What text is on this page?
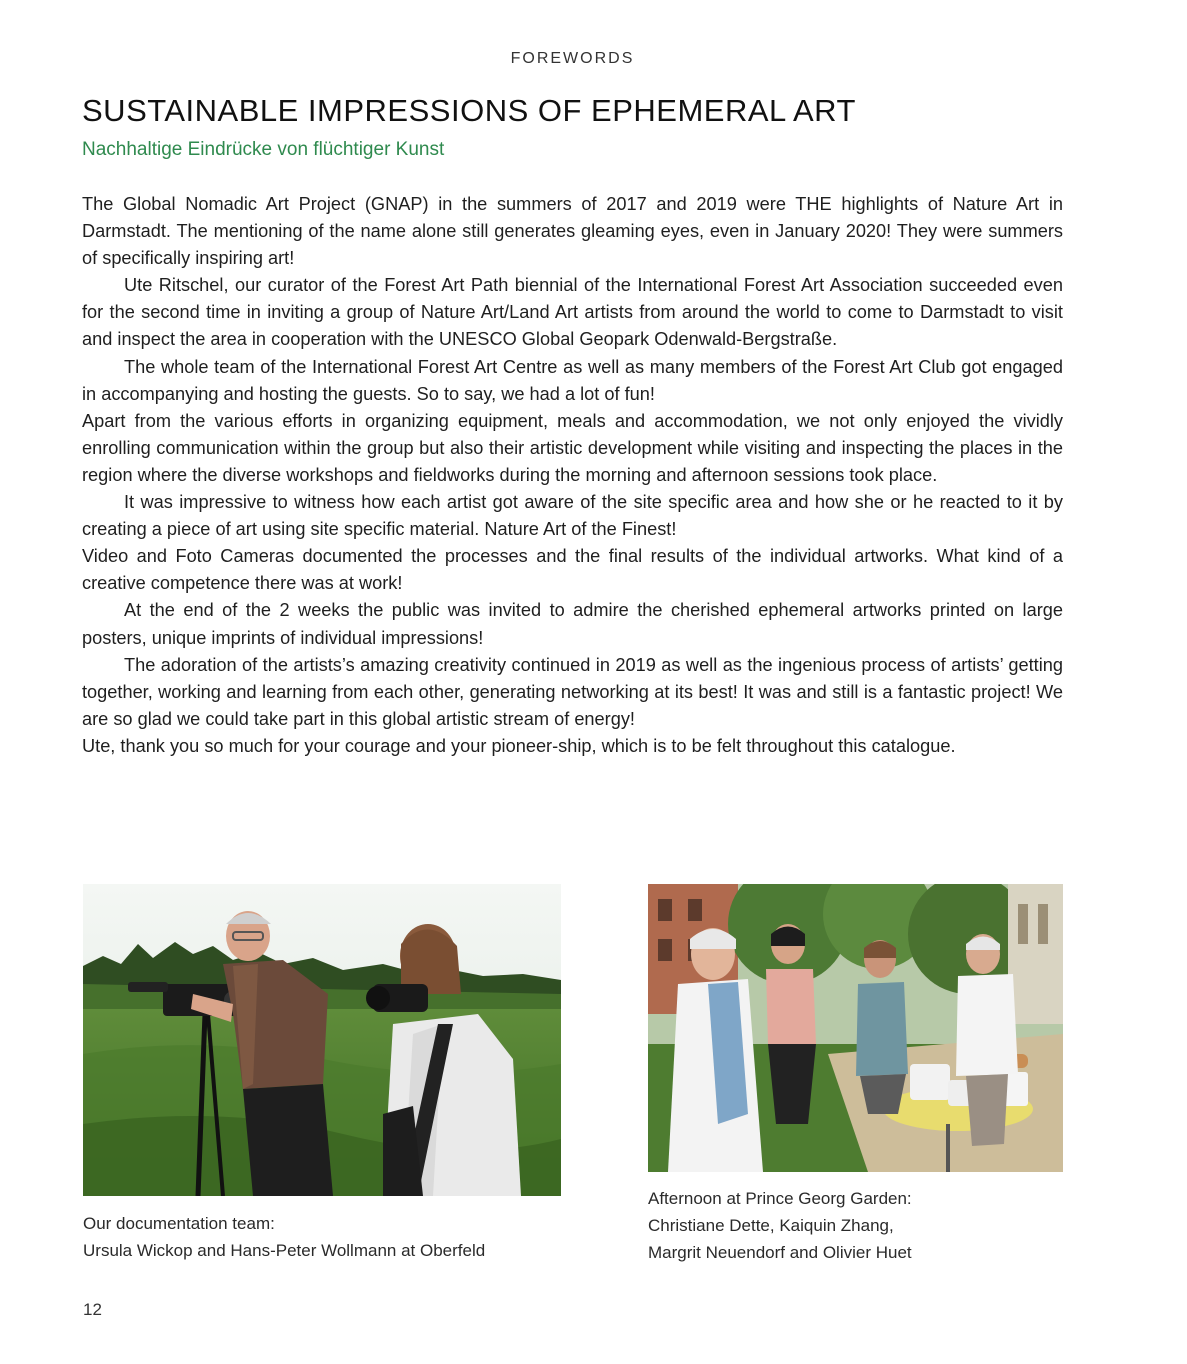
FOREWORDS
SUSTAINABLE IMPRESSIONS OF EPHEMERAL ART
Nachhaltige Eindrücke von flüchtiger Kunst

The Global Nomadic Art Project (GNAP) in the summers of 2017 and 2019 were THE highlights of Nature Art in Darmstadt. The mentioning of the name alone still generates gleaming eyes, even in January 2020! They were summers of specifically inspiring art!

Ute Ritschel, our curator of the Forest Art Path biennial of the International Forest Art Association succeeded even for the second time in inviting a group of Nature Art/Land Art artists from around the world to come to Darmstadt to visit and inspect the area in cooperation with the UNESCO Global Geopark Odenwald-Bergstraße.

The whole team of the International Forest Art Centre as well as many members of the Forest Art Club got engaged in accompanying and hosting the guests. So to say, we had a lot of fun!

Apart from the various efforts in organizing equipment, meals and accommodation, we not only enjoyed the vividly enrolling communication within the group but also their artistic development while visiting and inspecting the places in the region where the diverse workshops and fieldworks during the morning and afternoon sessions took place.

It was impressive to witness how each artist got aware of the site specific area and how she or he reacted to it by creating a piece of art using site specific material. Nature Art of the Finest!

Video and Foto Cameras documented the processes and the final results of the individual artworks. What kind of a creative competence there was at work!

At the end of the 2 weeks the public was invited to admire the cherished ephemeral artworks printed on large posters, unique imprints of individual impressions!

The adoration of the artists’s amazing creativity continued in 2019 as well as the ingenious process of artists’ getting together, working and learning from each other, generating networking at its best! It was and still is a fantastic project! We are so glad we could take part in this global artistic stream of energy!

Ute, thank you so much for your courage and your pioneer-ship, which is to be felt throughout this catalogue.

Our documentation team:
Ursula Wickop and Hans-Peter Wollmann at Oberfeld
Afternoon at Prince Georg Garden:
Christiane Dette, Kaiquin Zhang,
Margrit Neuendorf and Olivier Huet
12
